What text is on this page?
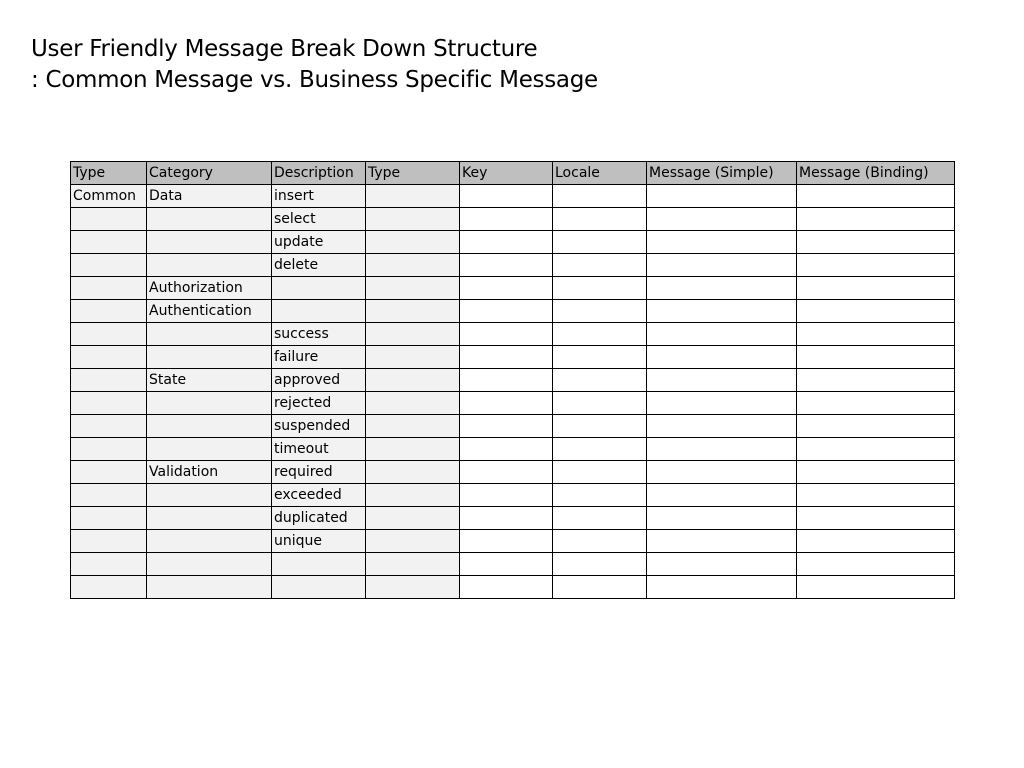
User Friendly Message Break Down Structure
: Common Message vs. Business Specific Message
Type	Category	Description	Type	Key	Locale	Message (Simple)	Message (Binding)
Common	Data	insert					
		select					
		update					
		delete					
	Authorization						
	Authentication						
		success					
		failure					
	State	approved					
		rejected					
		suspended					
		timeout					
	Validation	required					
		exceeded					
		duplicated					
		unique					
